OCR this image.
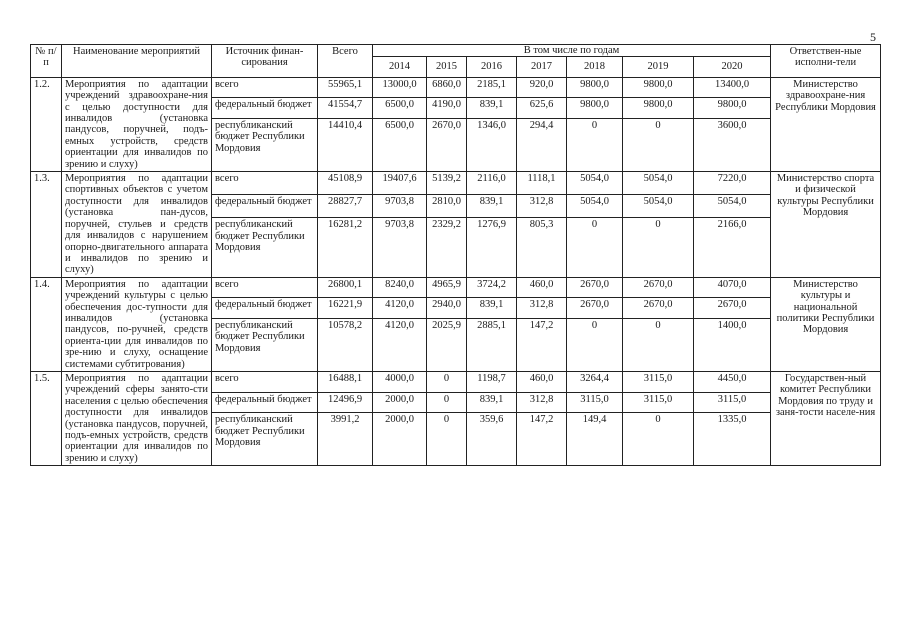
5
№ п/п	Наименование мероприятий	Источник финан-сирования	Всего	В том числе по годам							Ответствен-ные исполни-тели
				2014	2015	2016	2017	2018	2019	2020	
1.2.	Мероприятия по адаптации учреждений здравоохране-ния с целью доступности для инвалидов (установка пандусов, поручней, подъ-емных устройств, средств ориентации для инвалидов по зрению и слуху)	всего	55965,1	13000,0	6860,0	2185,1	920,0	9800,0	9800,0	13400,0	Министерство здравоохране-ния Республики Мордовия
		федеральный бюджет	41554,7	6500,0	4190,0	839,1	625,6	9800,0	9800,0	9800,0	
		республиканский бюджет Республики Мордовия	14410,4	6500,0	2670,0	1346,0	294,4	0	0	3600,0	
1.3.	Мероприятия по адаптации спортивных объектов с учетом доступности для инвалидов (установка пан-дусов, поручней, стульев и средств для инвалидов с нарушением опорно-двигательного аппарата и инвалидов по зрению и слуху)	всего	45108,9	19407,6	5139,2	2116,0	1118,1	5054,0	5054,0	7220,0	Министерство спорта и физической культуры Республики Мордовия
		федеральный бюджет	28827,7	9703,8	2810,0	839,1	312,8	5054,0	5054,0	5054,0	
		республиканский бюджет Республики Мордовия	16281,2	9703,8	2329,2	1276,9	805,3	0	0	2166,0	
1.4.	Мероприятия по адаптации учреждений культуры с целью обеспечения дос-тупности для инвалидов (установка пандусов, по-ручней, средств ориента-ции для инвалидов по зре-нию и слуху, оснащение системами субтитрования)	всего	26800,1	8240,0	4965,9	3724,2	460,0	2670,0	2670,0	4070,0	Министерство культуры и национальной политики Республики Мордовия
		федеральный бюджет	16221,9	4120,0	2940,0	839,1	312,8	2670,0	2670,0	2670,0	
		республиканский бюджет Республики Мордовия	10578,2	4120,0	2025,9	2885,1	147,2	0	0	1400,0	
1.5.	Мероприятия по адаптации учреждений сферы занято-сти населения с целью обеспечения доступности для инвалидов (установка пандусов, поручней, подъ-емных устройств, средств ориентации для инвалидов по зрению и слуху)	всего	16488,1	4000,0	0	1198,7	460,0	3264,4	3115,0	4450,0	Государствен-ный комитет Республики Мордовия по труду и заня-тости населе-ния
		федеральный бюджет	12496,9	2000,0	0	839,1	312,8	3115,0	3115,0	3115,0	
		республиканский бюджет Республики Мордовия	3991,2	2000,0	0	359,6	147,2	149,4	0	1335,0	
